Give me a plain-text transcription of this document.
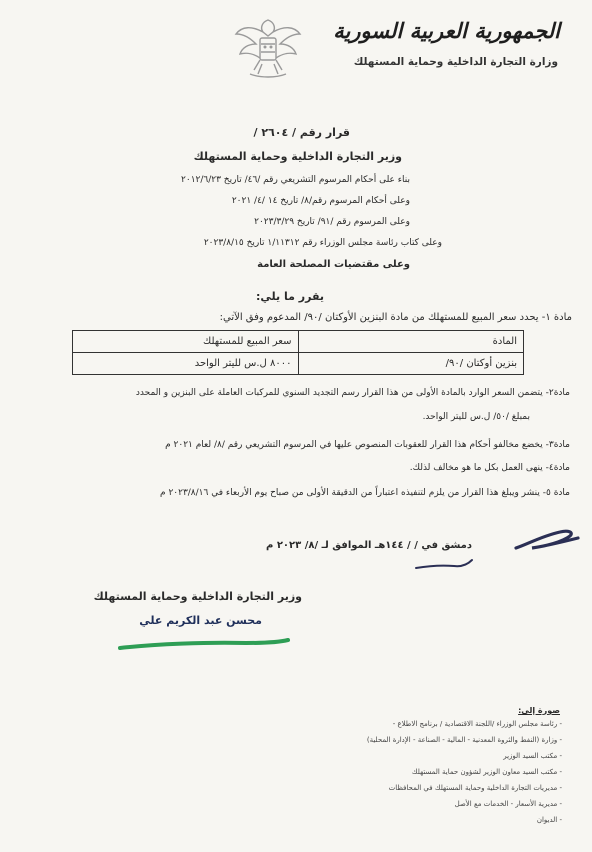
الجمهورية العربية السورية
وزارة التجارة الداخلية وحماية المستهلك
قرار رقم / ٢٦٠٤ /
وزير التجارة الداخلية وحماية المستهلك
بناء على أحكام المرسوم التشريعي رقم /٤٦/ تاريخ ٢٠١٢/٦/٢٣
وعلى أحكام المرسوم رقم/٨/ تاريخ ١٤ /٤/ ٢٠٢١
وعلى المرسوم رقم /٩١/ تاريخ ٢٠٢٣/٣/٢٩
وعلى كتاب رئاسة مجلس الوزراء رقم ١/١١٣١٢ تاريخ ٢٠٢٣/٨/١٥
وعلى مقتضيات المصلحة العامة
يقرر ما يلي:
مادة ١- يحدد سعر المبيع للمستهلك من مادة البنزين الأوكتان /٩٠/ المدعوم وفق الآتي:
المادة	سعر المبيع للمستهلك
بنزين أوكتان /٩٠/	٨٠٠٠ ل.س لليتر الواحد
مادة٢- يتضمن السعر الوارد بالمادة الأولى من هذا القرار رسم التجديد السنوي للمركبات العاملة على البنزين و المحدد
بمبلغ /٥٠/ ل.س لليتر الواحد.
مادة٣- يخضع مخالفو أحكام هذا القرار للعقوبات المنصوص عليها في المرسوم التشريعي رقم /٨/ لعام ٢٠٢١ م
مادة٤- ينهى العمل بكل ما هو مخالف لذلك.
مادة ٥- ينشر ويبلغ هذا القرار من يلزم لتنفيذه اعتباراً من الدقيقة الأولى من صباح يوم الأربعاء في ٢٠٢٣/٨/١٦ م
دمشق في / / ١٤٤هـ الموافق لـ /٨/ ٢٠٢٣ م
وزير التجارة الداخلية وحماية المستهلك
محسن عبد الكريم علي
صورة إلى:
- رئاسة مجلس الوزراء /اللجنة الاقتصادية / برنامج الاطلاع -
- وزارة (النفط والثروة المعدنية - المالية - الصناعة - الإدارة المحلية)
- مكتب السيد الوزير
- مكتب السيد معاون الوزير لشؤون حماية المستهلك
- مديريات التجارة الداخلية وحماية المستهلك في المحافظات
- مديرية الأسعار - الخدمات مع الأصل
- الديوان
